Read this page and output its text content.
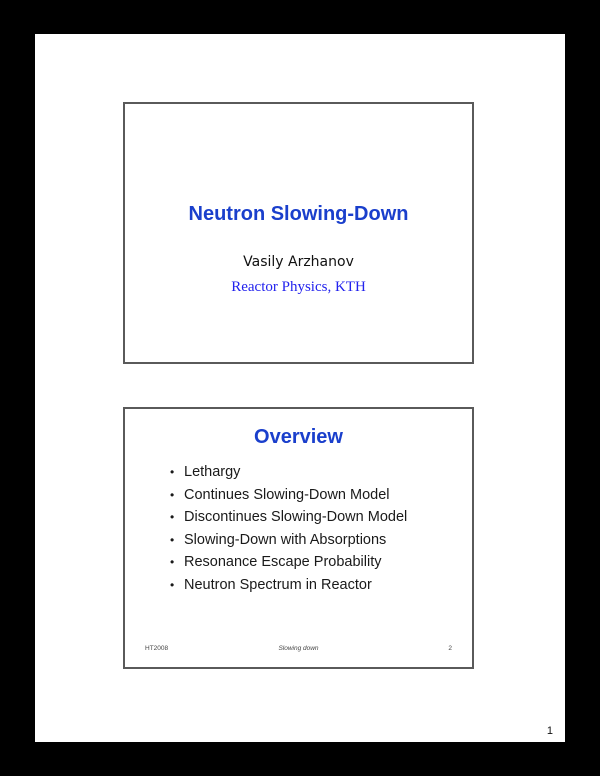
Neutron Slowing-Down
Vasily Arzhanov
Reactor Physics, KTH
Overview
• Lethargy
• Continues Slowing-Down Model
• Discontinues Slowing-Down Model
• Slowing-Down with Absorptions
• Resonance Escape Probability
• Neutron Spectrum in Reactor
HT2008	Slowing down	2
1
